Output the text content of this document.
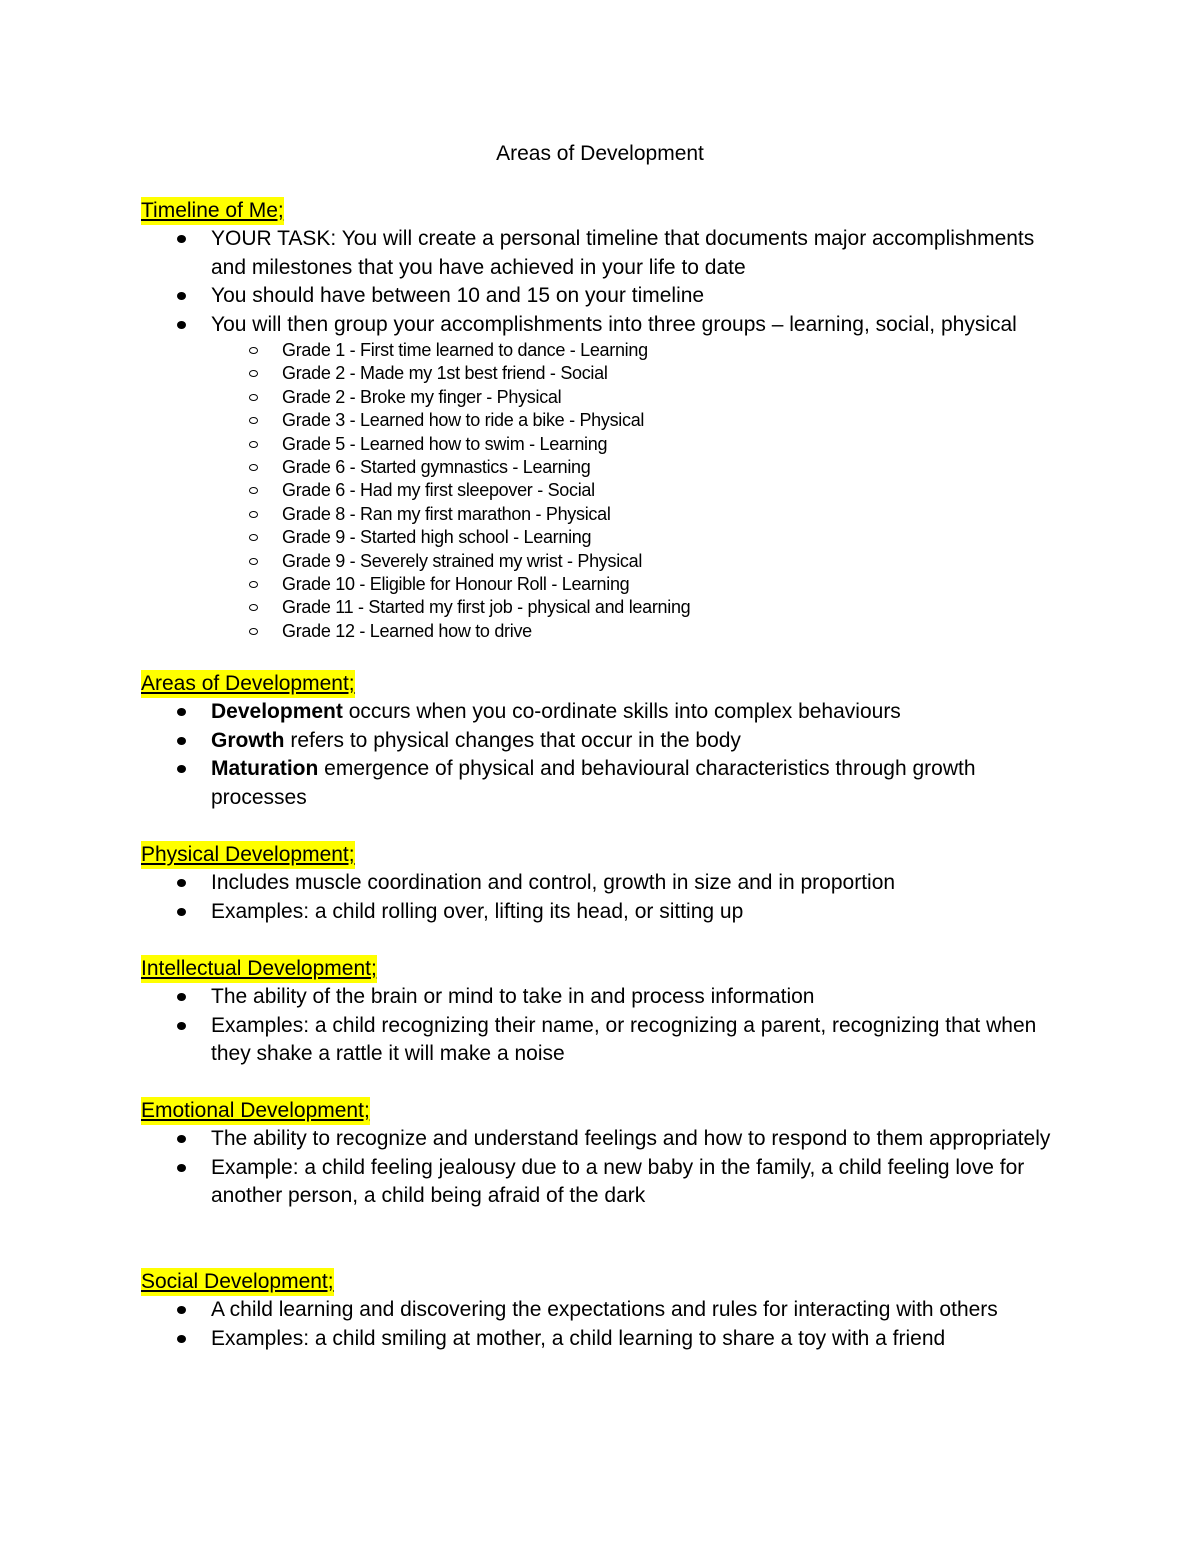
Areas of Development
Timeline of Me;
YOUR TASK: You will create a personal timeline that documents major accomplishments and milestones that you have achieved in your life to date
You should have between 10 and 15 on your timeline
You will then group your accomplishments into three groups – learning, social, physical
Grade 1 - First time learned to dance - Learning
Grade 2 - Made my 1st best friend - Social
Grade 2 - Broke my finger - Physical
Grade 3 - Learned how to ride a bike - Physical
Grade 5 - Learned how to swim - Learning
Grade 6 - Started gymnastics - Learning
Grade 6 - Had my first sleepover - Social
Grade 8 - Ran my first marathon - Physical
Grade 9 - Started high school - Learning
Grade 9 - Severely strained my wrist - Physical
Grade 10 - Eligible for Honour Roll - Learning
Grade 11 - Started my first job - physical and learning
Grade 12 - Learned how to drive
Areas of Development;
Development occurs when you co-ordinate skills into complex behaviours
Growth refers to physical changes that occur in the body
Maturation emergence of physical and behavioural characteristics through growth processes
Physical Development;
Includes muscle coordination and control, growth in size and in proportion
Examples: a child rolling over, lifting its head, or sitting up
Intellectual Development;
The ability of the brain or mind to take in and process information
Examples: a child recognizing their name, or recognizing a parent, recognizing that when they shake a rattle it will make a noise
Emotional Development;
The ability to recognize and understand feelings and how to respond to them appropriately
Example: a child feeling jealousy due to a new baby in the family, a child feeling love for another person, a child being afraid of the dark
Social Development;
A child learning and discovering the expectations and rules for interacting with others
Examples: a child smiling at mother, a child learning to share a toy with a friend
